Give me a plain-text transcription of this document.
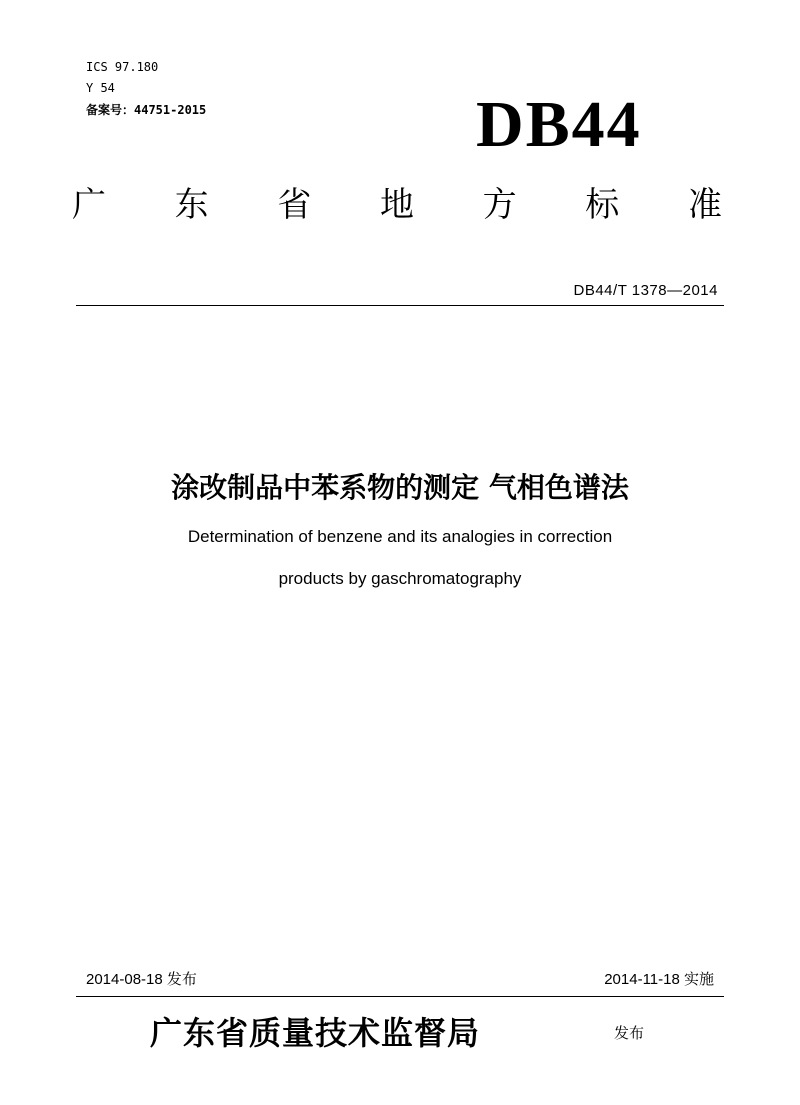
ICS 97.180
Y 54
备案号：44751-2015	DB44
广 东 省 地 方 标 准
DB44/T 1378—2014
涂改制品中苯系物的测定 气相色谱法
Determination of benzene and its analogies in correction
products by gaschromatography
2014-08-18 发布	2014-11-18 实施
广东省质量技术监督局	发布
